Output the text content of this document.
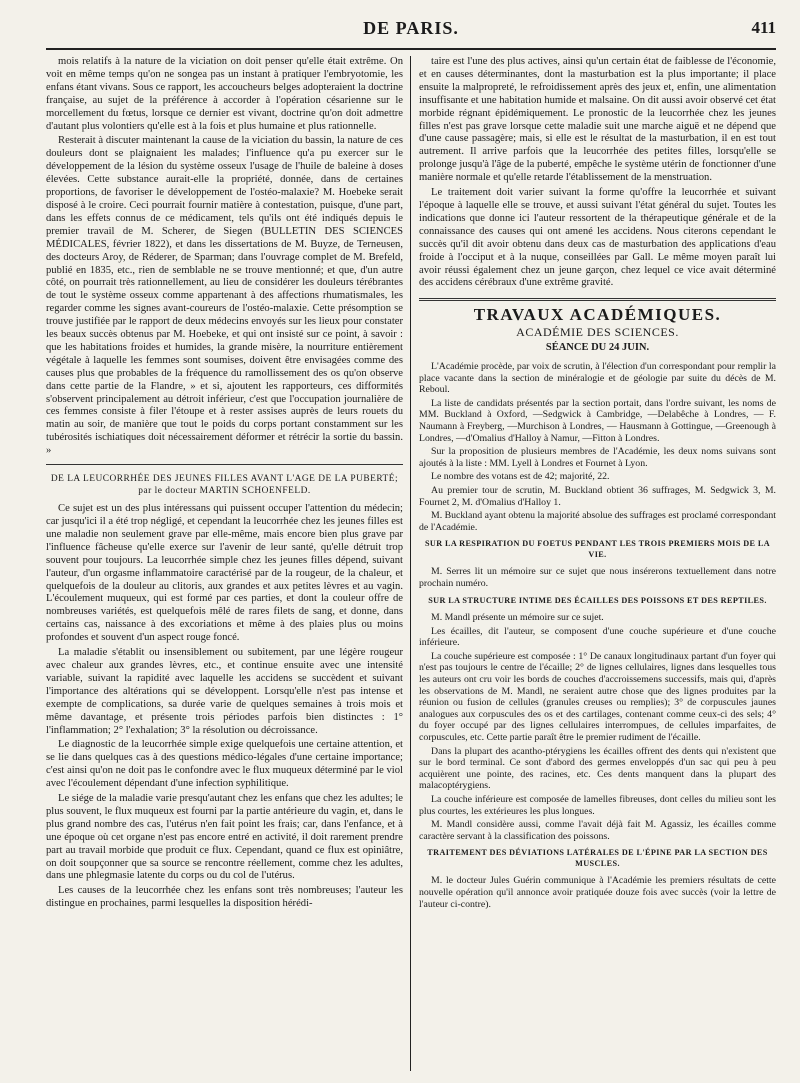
DE PARIS.	411

mois relatifs à la nature de la viciation on doit penser qu'elle était extrême. On voit en même temps qu'on ne songea pas un instant à pratiquer l'embryotomie, les enfans étant vivans. Sous ce rapport, les accoucheurs belges adopteraient la doctrine française, au sujet de la préférence à accorder à l'opération césarienne sur le morcellement du fœtus, lorsque ce dernier est vivant, doctrine qu'on doit admettre d'autant plus volontiers qu'elle est à la fois et plus humaine et plus rationnelle.

Resterait à discuter maintenant la cause de la viciation du bassin, la nature de ces douleurs dont se plaignaient les malades; l'influence qu'a pu exercer sur le développement de la lésion du système osseux l'usage de l'huile de baleine à doses élevées. Cette substance aurait-elle la propriété, donnée, dans de certaines proportions, de favoriser le développement de l'ostéo-malaxie? M. Hoebeke serait disposé à le croire. Ceci pourrait fournir matière à contestation, puisque, d'une part, dans les effets connus de ce médicament, tels qu'ils ont été indiqués depuis le premier travail de M. Scherer, de Siegen (BULLETIN DES SCIENCES MÉDICALES, février 1822), et dans les dissertations de M. Buyze, de Terneusen, des docteurs Aroy, de Réderer, de Sparman; dans l'ouvrage complet de M. Brefeld, publié en 1835, etc., rien de semblable ne se trouve mentionné; et que, d'un autre côté, on pourrait très rationnellement, au lieu de considérer les douleurs térébrantes de tout le système osseux comme appartenant à des affections rhumatismales, les regarder comme les signes avant-coureurs de l'ostéo-malaxie. Cette présomption se trouve justifiée par le rapport de deux médecins envoyés sur les lieux pour constater les beaux succès obtenus par M. Hoebeke, et qui ont insisté sur ce point, à savoir : que les habitations froides et humides, la grande misère, la nourriture entièrement végétale à laquelle les femmes sont soumises, doivent être envisagées comme des causes plus que probables de la fréquence du ramollissement des os qu'on observe dans cette partie de la Flandre, » et si, ajoutent les rapporteurs, ces difformités s'observent principalement au détroit inférieur, c'est que l'occupation journalière de ces femmes consiste à filer l'étoupe et à rester assises auprès de leurs rouets du matin au soir, de manière que tout le poids du corps portant constamment sur les tubérosités ischiatiques doit nécessairement déformer et rétrécir la sortie du bassin. »

DE LA LEUCORRHÉE DES JEUNES FILLES AVANT L'AGE DE LA PUBERTÉ;
par le docteur MARTIN SCHOENFELD.

Ce sujet est un des plus intéressans qui puissent occuper l'attention du médecin; car jusqu'ici il a été trop négligé, et cependant la leucorrhée chez les jeunes filles est une maladie non seulement grave par elle-même, mais encore bien plus grave par l'influence fâcheuse qu'elle exerce sur l'avenir de leur santé, qu'elle détruit trop souvent pour toujours. La leucorrhée simple chez les jeunes filles dépend, suivant l'auteur, d'un orgasme inflammatoire caractérisé par de la rougeur, de la chaleur, et quelquefois de la douleur au clitoris, aux grandes et aux petites lèvres et au vagin. L'écoulement muqueux, qui est formé par ces parties, et dont la couleur offre de nombreuses variétés, est quelquefois mêlé de rares filets de sang, et donne, dans certains cas, naissance à des excoriations et même à des plaies plus ou moins profondes et souvent d'un aspect rouge foncé.

La maladie s'établit ou insensiblement ou subitement, par une légère rougeur avec chaleur aux grandes lèvres, etc., et continue ensuite avec une intensité variable, suivant la rapidité avec laquelle les accidens se succèdent et suivant l'importance des altérations qui se développent. Lorsqu'elle n'est pas intense et exempte de complications, sa durée varie de quelques semaines à trois mois et même davantage, et présente trois périodes parfois bien distinctes : 1° l'inflammation; 2° l'exhalation; 3° la résolution ou décroissance.

Le diagnostic de la leucorrhée simple exige quelquefois une certaine attention, et se lie dans quelques cas à des questions médico-légales d'une certaine importance; c'est ainsi qu'on ne doit pas le confondre avec le flux muqueux déterminé par le viol avec l'écoulement dépendant d'une infection syphilitique.

Le siége de la maladie varie presqu'autant chez les enfans que chez les adultes; le plus souvent, le flux muqueux est fourni par la partie antérieure du vagin, et, dans le plus grand nombre des cas, l'utérus n'en fait point les frais; car, dans l'enfance, et à une époque où cet organe n'est pas encore entré en activité, il doit rarement prendre part au travail morbide que produit ce flux. Cependant, quand ce flux est opiniâtre, on doit soupçonner que sa source se rencontre réellement, comme chez les adultes, dans une phlegmasie latente du corps ou du col de l'utérus.

Les causes de la leucorrhée chez les enfans sont très nombreuses; l'auteur les distingue en prochaines, parmi lesquelles la disposition hérédi-

taire est l'une des plus actives, ainsi qu'un certain état de faiblesse de l'économie, et en causes déterminantes, dont la masturbation est la plus importante; il place ensuite la malpropreté, le refroidissement après des jeux et, enfin, une alimentation insuffisante et une habitation humide et malsaine. On dit aussi avoir observé cet état morbide régnant épidémiquement. Le pronostic de la leucorrhée chez les jeunes filles n'est pas grave lorsque cette maladie suit une marche aiguë et ne dépend que d'une cause passagère; mais, si elle est le résultat de la masturbation, il en est tout autrement. Il arrive parfois que la leucorrhée des petites filles, lorsqu'elle se prolonge jusqu'à l'âge de la puberté, empêche le système utérin de fonctionner d'une manière normale et qu'elle retarde l'établissement de la menstruation.

Le traitement doit varier suivant la forme qu'offre la leucorrhée et suivant l'époque à laquelle elle se trouve, et aussi suivant l'état général du sujet. Toutes les indications que donne ici l'auteur ressortent de la thérapeutique générale et de la connaissance des causes qui ont amené les accidens. Nous citerons cependant le succès qu'il dit avoir obtenu dans deux cas de masturbation des applications d'eau froide à l'occiput et à la nuque, conseillées par Gall. Le même moyen paraît lui avoir réussi également chez un jeune garçon, chez lequel ce vice avait déterminé des accidens cérébraux d'une extrême gravité.

TRAVAUX ACADÉMIQUES.
ACADÉMIE DES SCIENCES.
SÉANCE DU 24 JUIN.

L'Académie procède, par voix de scrutin, à l'élection d'un correspondant pour remplir la place vacante dans la section de minéralogie et de géologie par suite du décès de M. Reboul.

La liste de candidats présentés par la section portait, dans l'ordre suivant, les noms de MM. Buckland à Oxford, —Sedgwick à Cambridge, —Delabêche à Londres, — F. Naumann à Freyberg, —Murchison à Londres, — Hausmann à Gottingue, —Greenough à Londres, —d'Omalius d'Halloy à Namur, —Fitton à Londres.

Sur la proposition de plusieurs membres de l'Académie, les deux noms suivans sont ajoutés à la liste : MM. Lyell à Londres et Fournet à Lyon.

Le nombre des votans est de 42; majorité, 22.

Au premier tour de scrutin, M. Buckland obtient 36 suffrages, M. Sedgwick 3, M. Fournet 2, M. d'Omalius d'Halloy 1.

M. Buckland ayant obtenu la majorité absolue des suffrages est proclamé correspondant de l'Académie.

SUR LA RESPIRATION DU FOETUS PENDANT LES TROIS PREMIERS MOIS DE LA VIE.

M. Serres lit un mémoire sur ce sujet que nous insérerons textuellement dans notre prochain numéro.

SUR LA STRUCTURE INTIME DES ÉCAILLES DES POISSONS ET DES REPTILES.

M. Mandl présente un mémoire sur ce sujet.

Les écailles, dit l'auteur, se composent d'une couche supérieure et d'une couche inférieure.

La couche supérieure est composée : 1° De canaux longitudinaux partant d'un foyer qui n'est pas toujours le centre de l'écaille; 2° de lignes cellulaires, lignes dans lesquelles tous les auteurs ont cru voir les bords de couches d'accroissemens successifs, mais qui, d'après les observations de M. Mandl, ne seraient autre chose que des lignes produites par la réunion ou fusion de cellules (granules creuses ou remplies); 3° de corpuscules jaunes analogues aux corpuscules des os et des cartilages, contenant comme ceux-ci des sels; 4° du foyer occupé par des lignes cellulaires interrompues, de cellules imparfaites, de corpuscules, etc. Cette partie paraît être le premier rudiment de l'écaille.

Dans la plupart des acantho-ptérygiens les écailles offrent des dents qui n'existent que sur le bord terminal. Ce sont d'abord des germes enveloppés d'un sac qui peu à peu acquièrent une pointe, des racines, etc. Ces dents manquent dans la plupart des malacoptérygiens.

La couche inférieure est composée de lamelles fibreuses, dont celles du milieu sont les plus courtes, les extérieures les plus longues.

M. Mandl considère aussi, comme l'avait déjà fait M. Agassiz, les écailles comme caractère servant à la classification des poissons.

TRAITEMENT DES DÉVIATIONS LATÉRALES DE L'ÉPINE PAR LA SECTION DES MUSCLES.

M. le docteur Jules Guérin communique à l'Académie les premiers résultats de cette nouvelle opération qu'il annonce avoir pratiquée douze fois avec succès (voir la lettre de l'auteur ci-contre).
